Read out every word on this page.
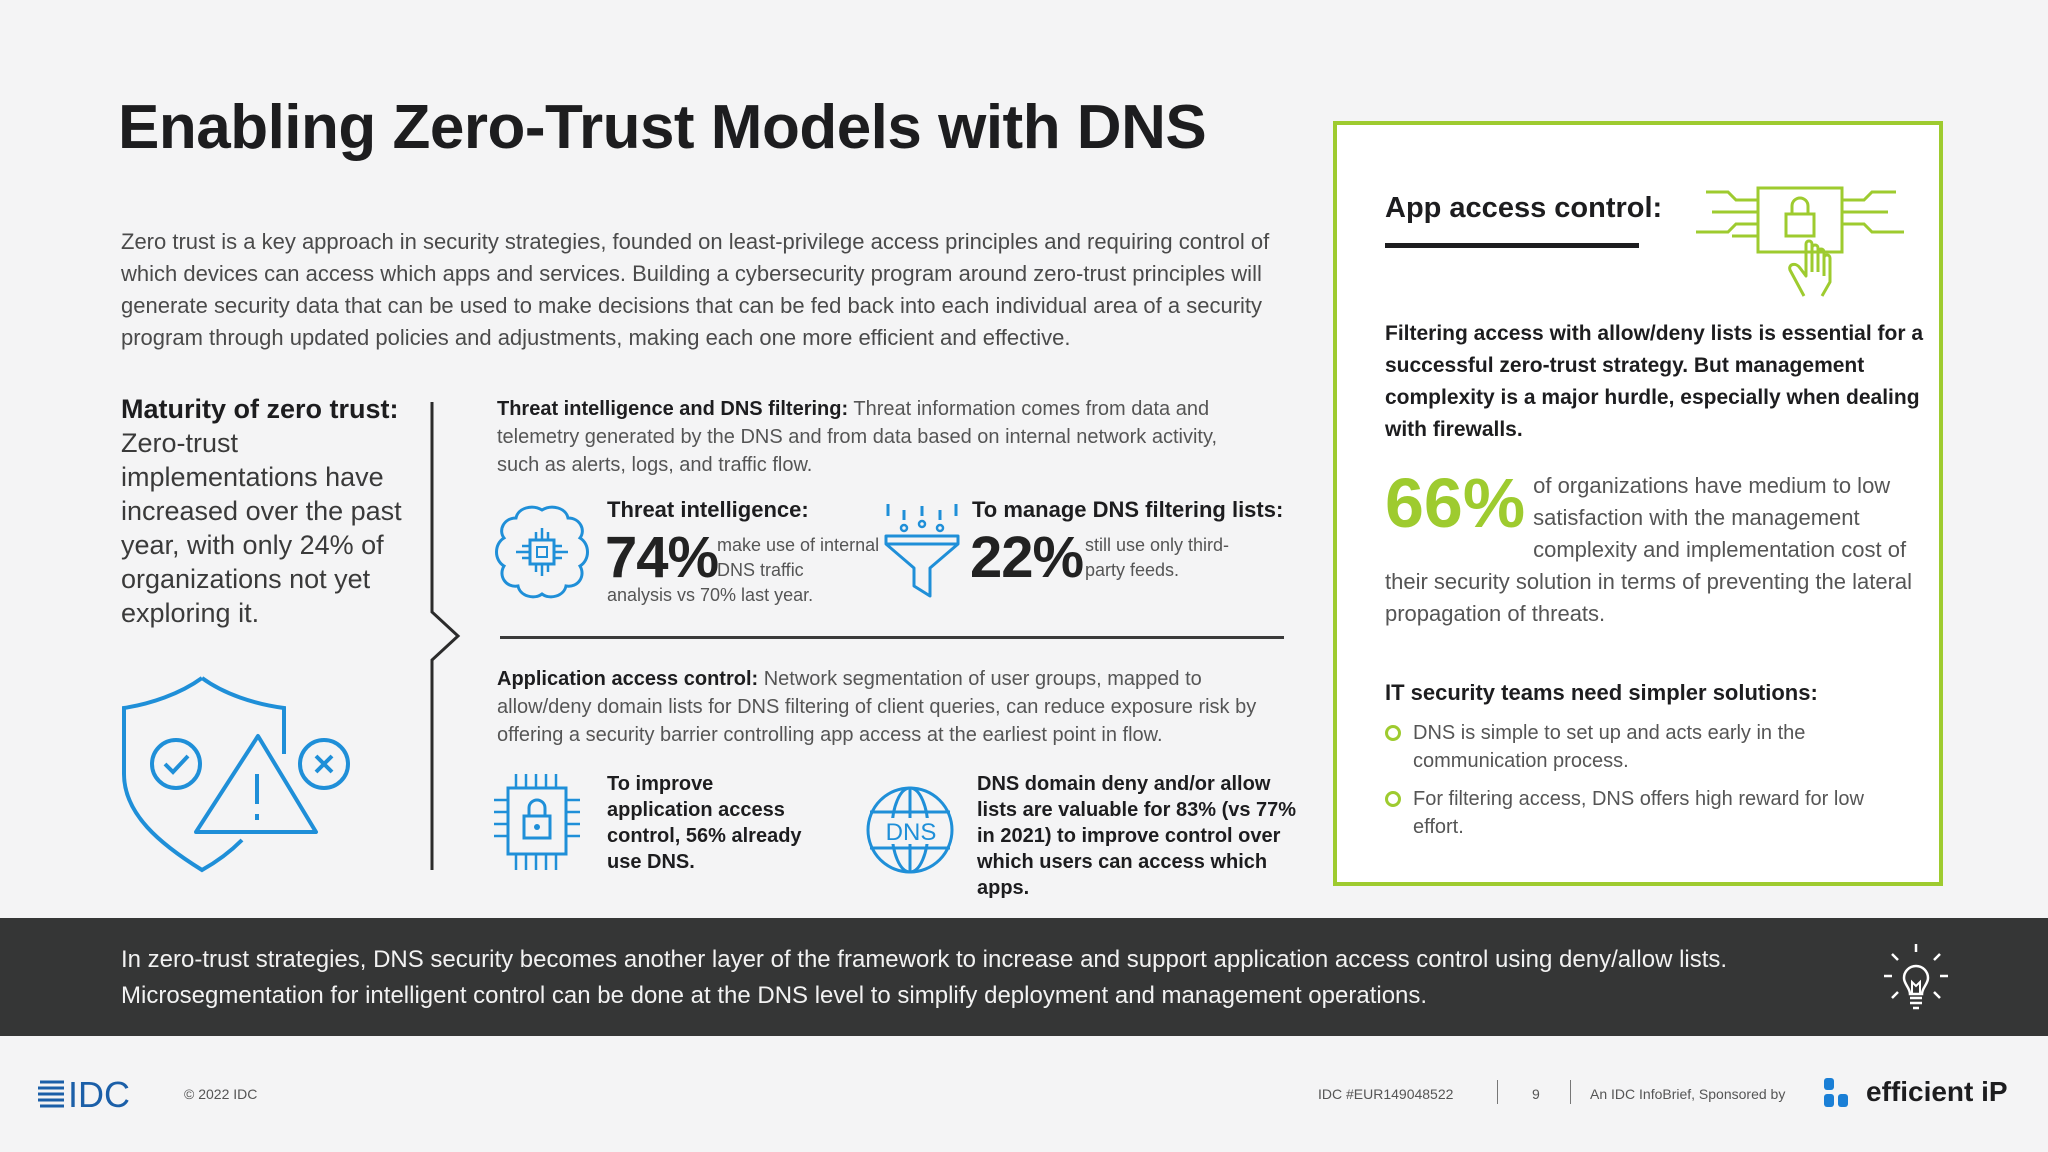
Enabling Zero-Trust Models with DNS
Zero trust is a key approach in security strategies, founded on least-privilege access principles and requiring control of which devices can access which apps and services. Building a cybersecurity program around zero-trust principles will generate security data that can be used to make decisions that can be fed back into each individual area of a security program through updated policies and adjustments, making each one more efficient and effective.
Maturity of zero trust: Zero-trust implementations have increased over the past year, with only 24% of organizations not yet exploring it.
Threat intelligence and DNS filtering: Threat information comes from data and telemetry generated by the DNS and from data based on internal network activity, such as alerts, logs, and traffic flow.
Threat intelligence:
74%
make use of internal DNS traffic
analysis vs 70% last year.
To manage DNS filtering lists:
22% still use only third-party feeds.
Application access control: Network segmentation of user groups, mapped to allow/deny domain lists for DNS filtering of client queries, can reduce exposure risk by offering a security barrier controlling app access at the earliest point in flow.
To improve application access control, 56% already use DNS.
DNS
DNS domain deny and/or allow lists are valuable for 83% (vs 77% in 2021) to improve control over which users can access which apps.
App access control:
Filtering access with allow/deny lists is essential for a successful zero-trust strategy. But management complexity is a major hurdle, especially when dealing with firewalls.
66% of organizations have medium to low satisfaction with the management complexity and implementation cost of their security solution in terms of preventing the lateral propagation of threats.
IT security teams need simpler solutions:
DNS is simple to set up and acts early in the communication process.
For filtering access, DNS offers high reward for low effort.
In zero-trust strategies, DNS security becomes another layer of the framework to increase and support application access control using deny/allow lists. Microsegmentation for intelligent control can be done at the DNS level to simplify deployment and management operations.
IDC	© 2022 IDC	IDC #EUR149048522	9	An IDC InfoBrief, Sponsored by	efficient iP
